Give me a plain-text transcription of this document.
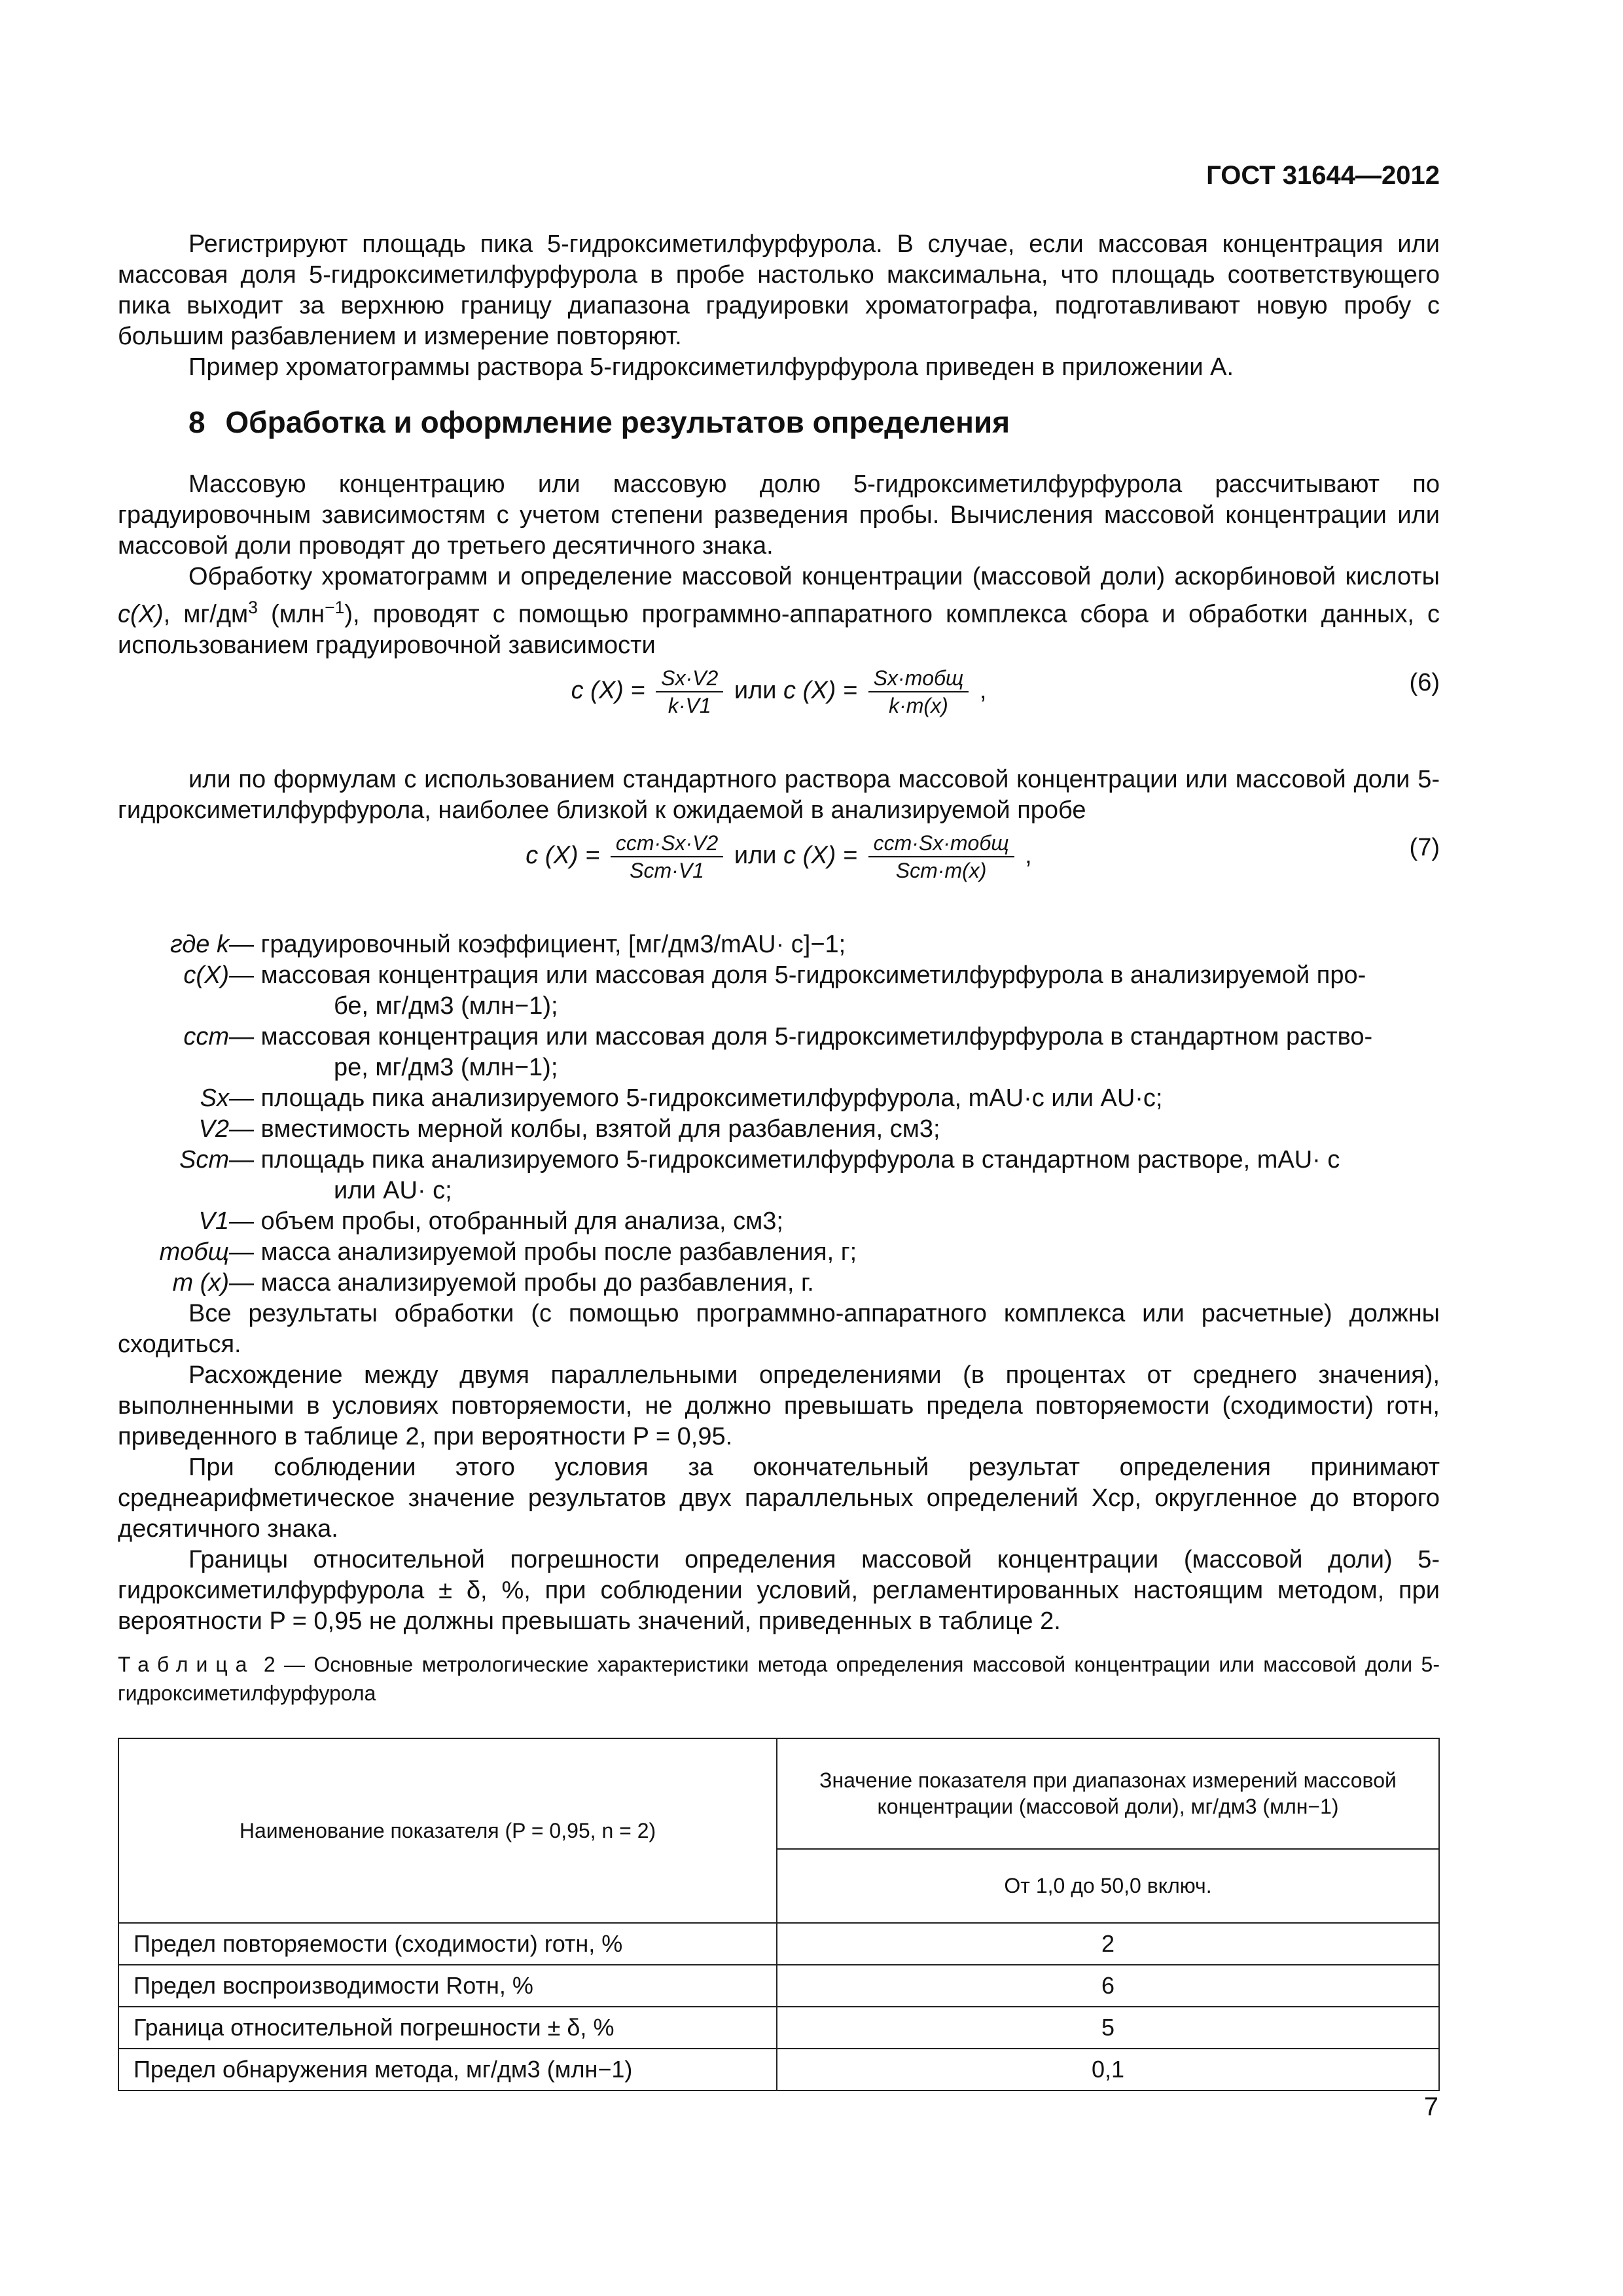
ГОСТ 31644—2012

Регистрируют площадь пика 5-гидроксиметилфурфурола. В случае, если массовая концентрация или массовая доля 5-гидроксиметилфурфурола в пробе настолько максимальна, что площадь соответствующего пика выходит за верхнюю границу диапазона градуировки хроматографа, подготавливают новую пробу с большим разбавлением и измерение повторяют.

Пример хроматограммы раствора 5-гидроксиметилфурфурола приведен в приложении А.

8 Обработка и оформление результатов определения

Массовую концентрацию или массовую долю 5-гидроксиметилфурфурола рассчитывают по градуировочным зависимостям с учетом степени разведения пробы. Вычисления массовой концентрации или массовой доли проводят до третьего десятичного знака.

Обработку хроматограмм и определение массовой концентрации (массовой доли) аскорбиновой кислоты c(X), $мг/дм^3$ (млн$^{-1}$), проводят с помощью программно-аппаратного комплекса сбора и обработки данных, с использованием градуировочной зависимости

c $(X) = \frac{Sx\cdot V2}{k\cdot V1}$ или c $(X) = \frac{\text{Sx·mобщ}}{k\cdot m(x)}$ ,	(6)

или по формулам с использованием стандартного раствора массовой концентрации или массовой доли 5-гидроксиметилфурфурола, наиболее близкой к ожидаемой в анализируемой пробе

c $(X) = \frac{\text{cст·Sx·V2}}{\text{Sст·V1}}$ или c $(X) = \frac{\text{cст·Sx·mобщ}}{\text{Sст·m(x)}}$ ,	(7)
где k — градуировочный коэффициент, [мг/дм3/mAU· с]−1;
c(X) — массовая концентрация или массовая доля 5-гидроксиметилфурфурола в анализируемой про-
бе, мг/дм3 (млн−1);
cст — массовая концентрация или массовая доля 5-гидроксиметилфурфурола в стандартном раство-
ре, мг/дм3 (млн−1);
Sx — площадь пика анализируемого 5-гидроксиметилфурфурола, mAU·c или AU·c;
V2 — вместимость мерной колбы, взятой для разбавления, см3;
Sст — площадь пика анализируемого 5-гидроксиметилфурфурола в стандартном растворе, mAU· c
или AU· c;
V1 — объем пробы, отобранный для анализа, см3;
mобщ — масса анализируемой пробы после разбавления, г;
m (x) — масса анализируемой пробы до разбавления, г.

Все результаты обработки (с помощью программно-аппаратного комплекса или расчетные) должны сходиться.

Расхождение между двумя параллельными определениями (в процентах от среднего значения), выполненными в условиях повторяемости, не должно превышать предела повторяемости (сходимости) rотн, приведенного в таблице 2, при вероятности P = 0,95.

При соблюдении этого условия за окончательный результат определения принимают среднеарифметическое значение результатов двух параллельных определений Xср, округленное до второго десятичного знака.

Границы относительной погрешности определения массовой концентрации (массовой доли) 5-гидроксиметилфурфурола ± δ, %, при соблюдении условий, регламентированных настоящим методом, при вероятности P = 0,95 не должны превышать значений, приведенных в таблице 2.

Таблица 2 — Основные метрологические характеристики метода определения массовой концентрации или массовой доли 5-гидроксиметилфурфурола

Наименование показателя (P = 0,95, n = 2)	Значение показателя при диапазонах измерений массовой концентрации (массовой доли), мг/дм3 (млн−1)
	От 1,0 до 50,0 включ.
Предел повторяемости (сходимости) rотн, %	2
Предел воспроизводимости Rотн, %	6
Граница относительной погрешности ± δ, %	5
Предел обнаружения метода, мг/дм3 (млн−1)	0,1
7
